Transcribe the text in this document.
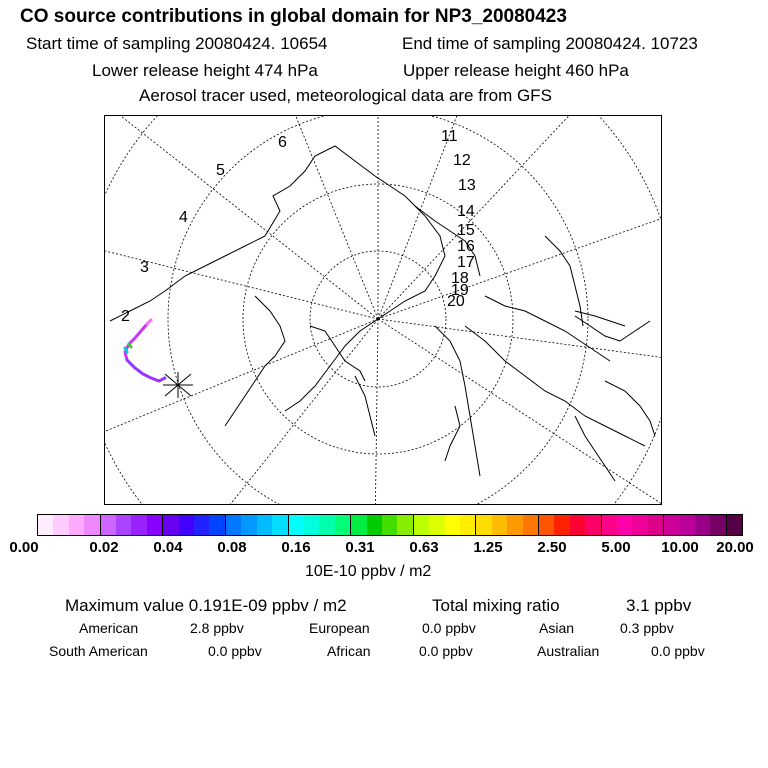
CO source contributions in global domain for NP3_20080423
Start time of sampling 20080424. 10654	End time of sampling 20080424. 10723
Lower release height 474 hPa	Upper release height 460 hPa
Aerosol tracer used, meteorological data are from GFS
2
3
4
5
6	11
12
13
14
15
16
17
18
19
20
0.00	0.02 0.04 0.08 0.16 0.31 0.63 1.25 2.50 5.00 10.00 20.00
10E-10 ppbv / m2
Maximum value 0.191E-09 ppbv / m2	Total mixing ratio	3.1 ppbv
American	2.8 ppbv	European	0.0 ppbv	Asian	0.3 ppbv
South American	0.0 ppbv	African	0.0 ppbv	Australian	0.0 ppbv
